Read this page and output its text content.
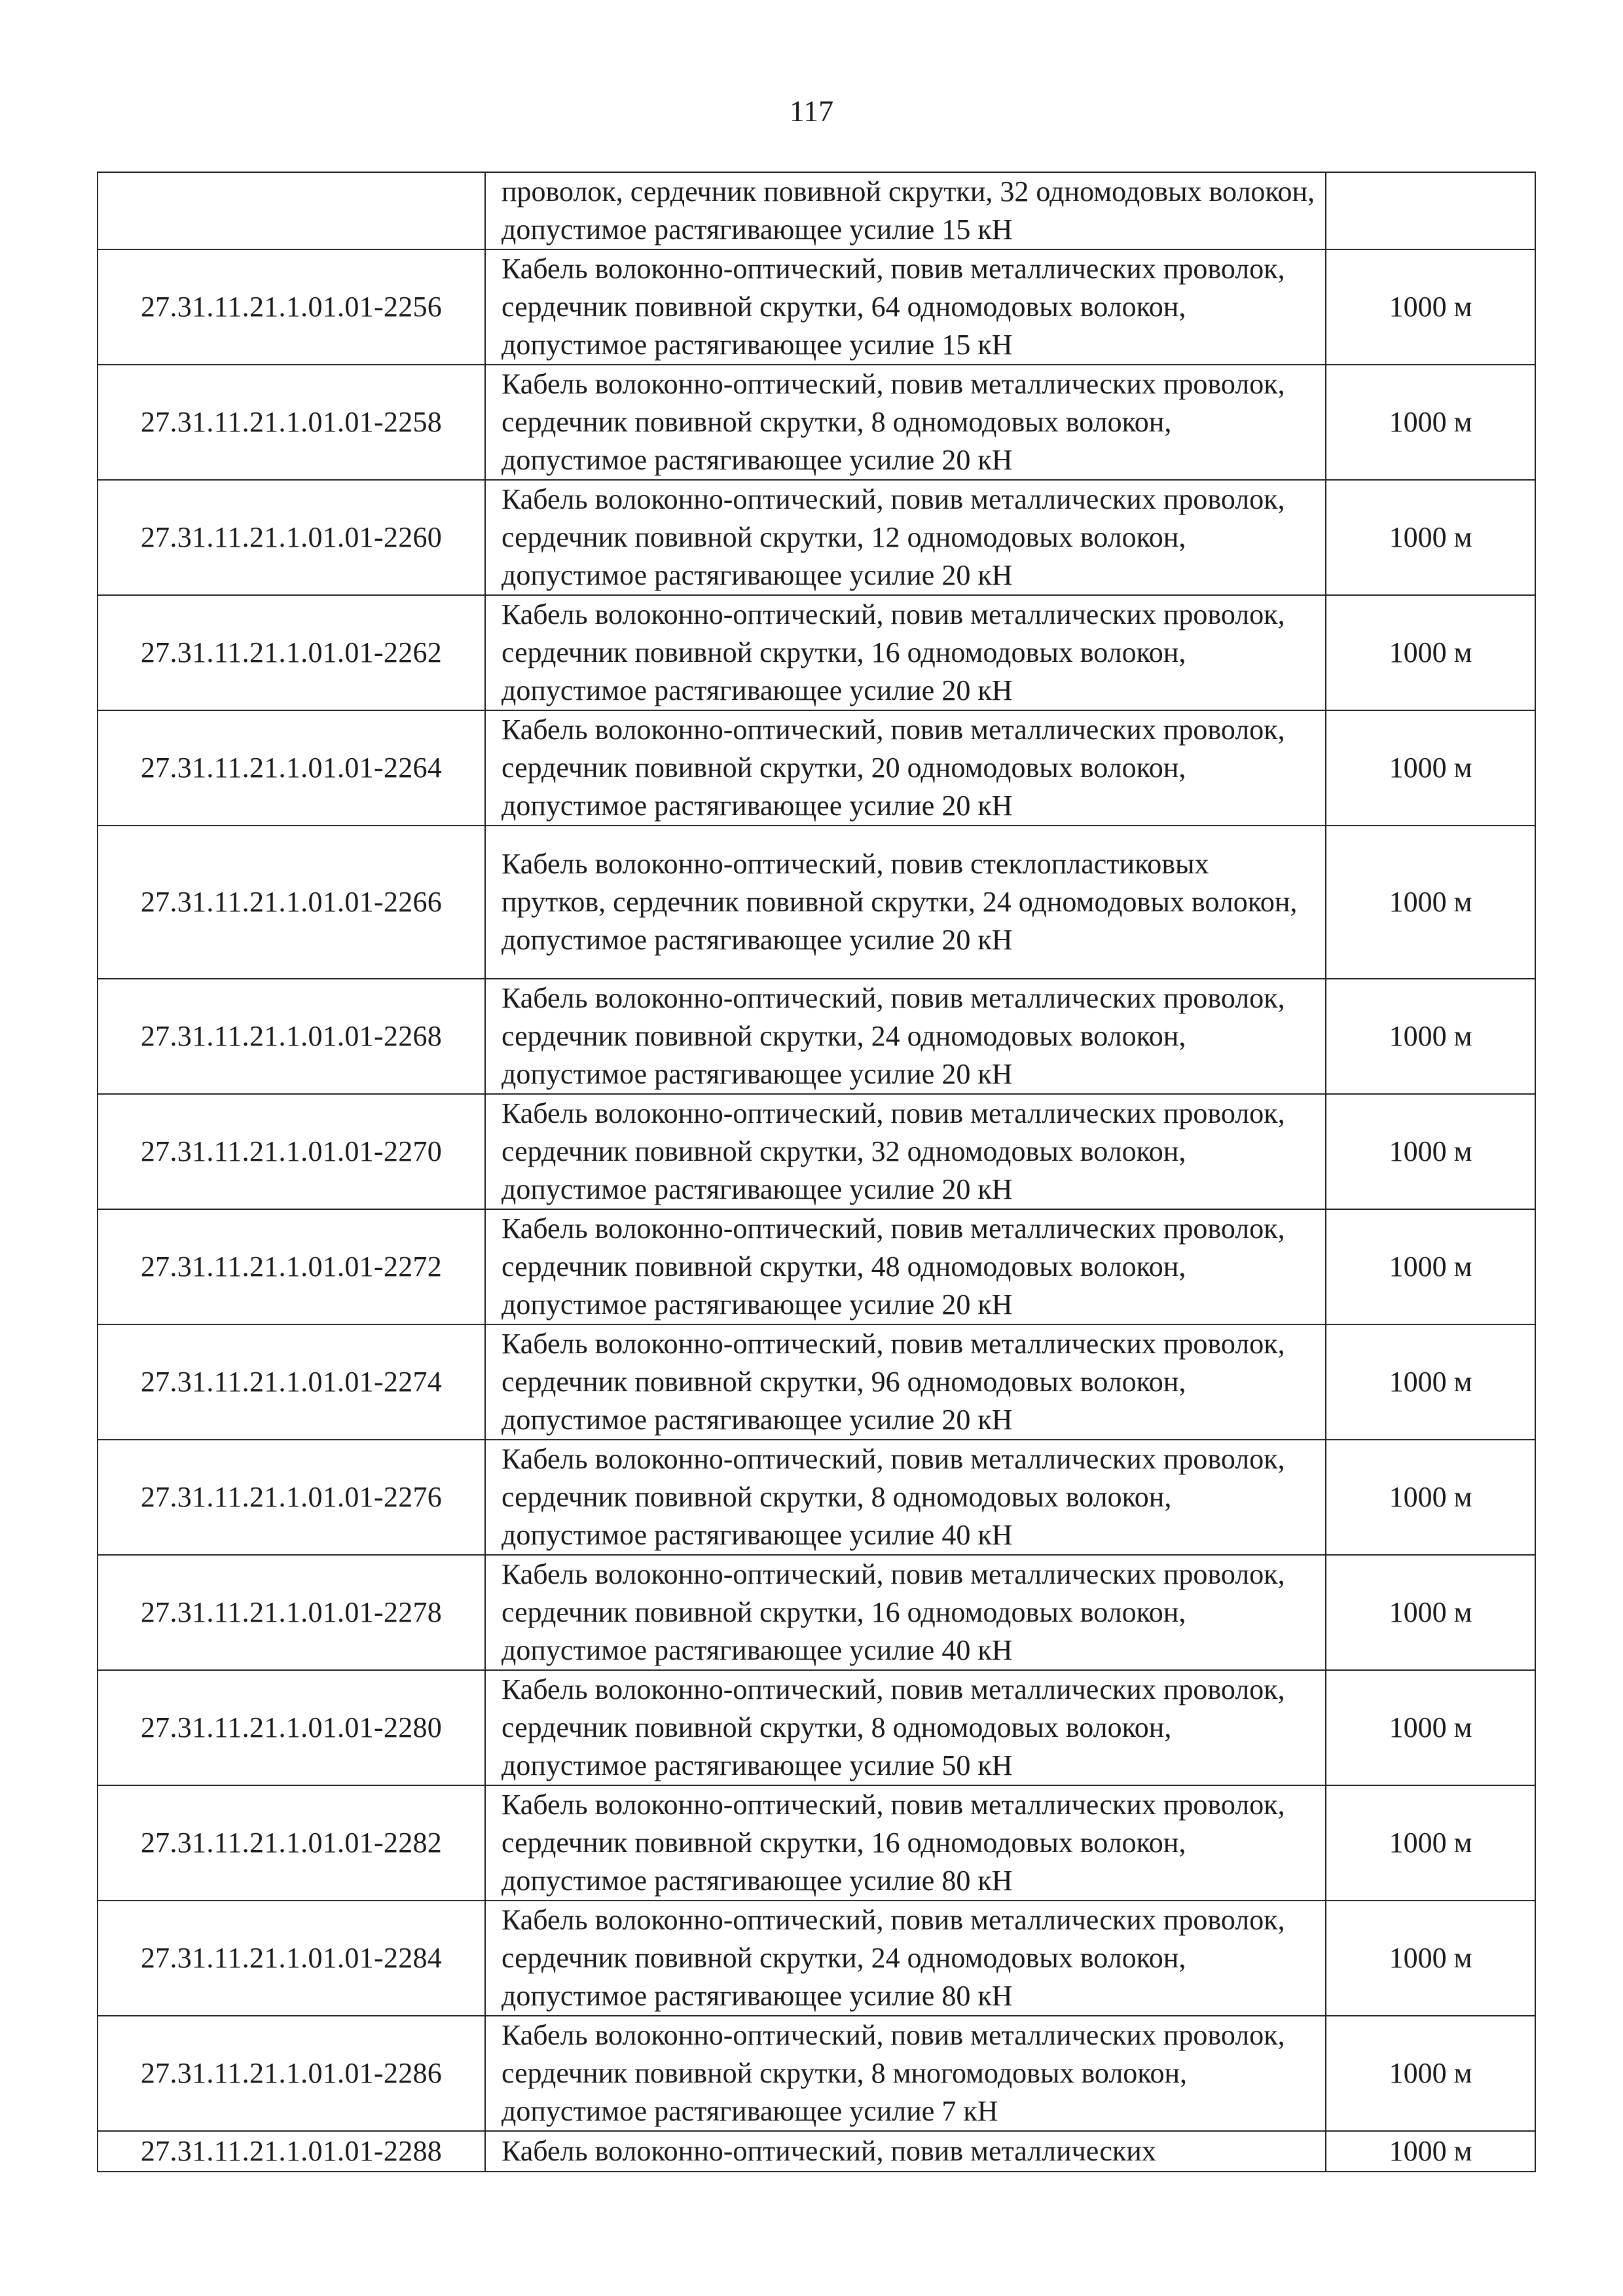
117
	проволок, сердечник повивной скрутки, 32 одномодовых волокон, допустимое растягивающее усилие 15 кН	
27.31.11.21.1.01.01-2256	Кабель волоконно-оптический, повив металлических проволок, сердечник повивной скрутки, 64 одномодовых волокон, допустимое растягивающее усилие 15 кН	1000 м
27.31.11.21.1.01.01-2258	Кабель волоконно-оптический, повив металлических проволок, сердечник повивной скрутки, 8 одномодовых волокон, допустимое растягивающее усилие 20 кН	1000 м
27.31.11.21.1.01.01-2260	Кабель волоконно-оптический, повив металлических проволок, сердечник повивной скрутки, 12 одномодовых волокон, допустимое растягивающее усилие 20 кН	1000 м
27.31.11.21.1.01.01-2262	Кабель волоконно-оптический, повив металлических проволок, сердечник повивной скрутки, 16 одномодовых волокон, допустимое растягивающее усилие 20 кН	1000 м
27.31.11.21.1.01.01-2264	Кабель волоконно-оптический, повив металлических проволок, сердечник повивной скрутки, 20 одномодовых волокон, допустимое растягивающее усилие 20 кН	1000 м
27.31.11.21.1.01.01-2266	Кабель волоконно-оптический, повив стеклопластиковых прутков, сердечник повивной скрутки, 24 одномодовых волокон, допустимое растягивающее усилие 20 кН	1000 м
27.31.11.21.1.01.01-2268	Кабель волоконно-оптический, повив металлических проволок, сердечник повивной скрутки, 24 одномодовых волокон, допустимое растягивающее усилие 20 кН	1000 м
27.31.11.21.1.01.01-2270	Кабель волоконно-оптический, повив металлических проволок, сердечник повивной скрутки, 32 одномодовых волокон, допустимое растягивающее усилие 20 кН	1000 м
27.31.11.21.1.01.01-2272	Кабель волоконно-оптический, повив металлических проволок, сердечник повивной скрутки, 48 одномодовых волокон, допустимое растягивающее усилие 20 кН	1000 м
27.31.11.21.1.01.01-2274	Кабель волоконно-оптический, повив металлических проволок, сердечник повивной скрутки, 96 одномодовых волокон, допустимое растягивающее усилие 20 кН	1000 м
27.31.11.21.1.01.01-2276	Кабель волоконно-оптический, повив металлических проволок, сердечник повивной скрутки, 8 одномодовых волокон, допустимое растягивающее усилие 40 кН	1000 м
27.31.11.21.1.01.01-2278	Кабель волоконно-оптический, повив металлических проволок, сердечник повивной скрутки, 16 одномодовых волокон, допустимое растягивающее усилие 40 кН	1000 м
27.31.11.21.1.01.01-2280	Кабель волоконно-оптический, повив металлических проволок, сердечник повивной скрутки, 8 одномодовых волокон, допустимое растягивающее усилие 50 кН	1000 м
27.31.11.21.1.01.01-2282	Кабель волоконно-оптический, повив металлических проволок, сердечник повивной скрутки, 16 одномодовых волокон, допустимое растягивающее усилие 80 кН	1000 м
27.31.11.21.1.01.01-2284	Кабель волоконно-оптический, повив металлических проволок, сердечник повивной скрутки, 24 одномодовых волокон, допустимое растягивающее усилие 80 кН	1000 м
27.31.11.21.1.01.01-2286	Кабель волоконно-оптический, повив металлических проволок, сердечник повивной скрутки, 8 многомодовых волокон, допустимое растягивающее усилие 7 кН	1000 м
27.31.11.21.1.01.01-2288	Кабель волоконно-оптический, повив металлических	1000 м
